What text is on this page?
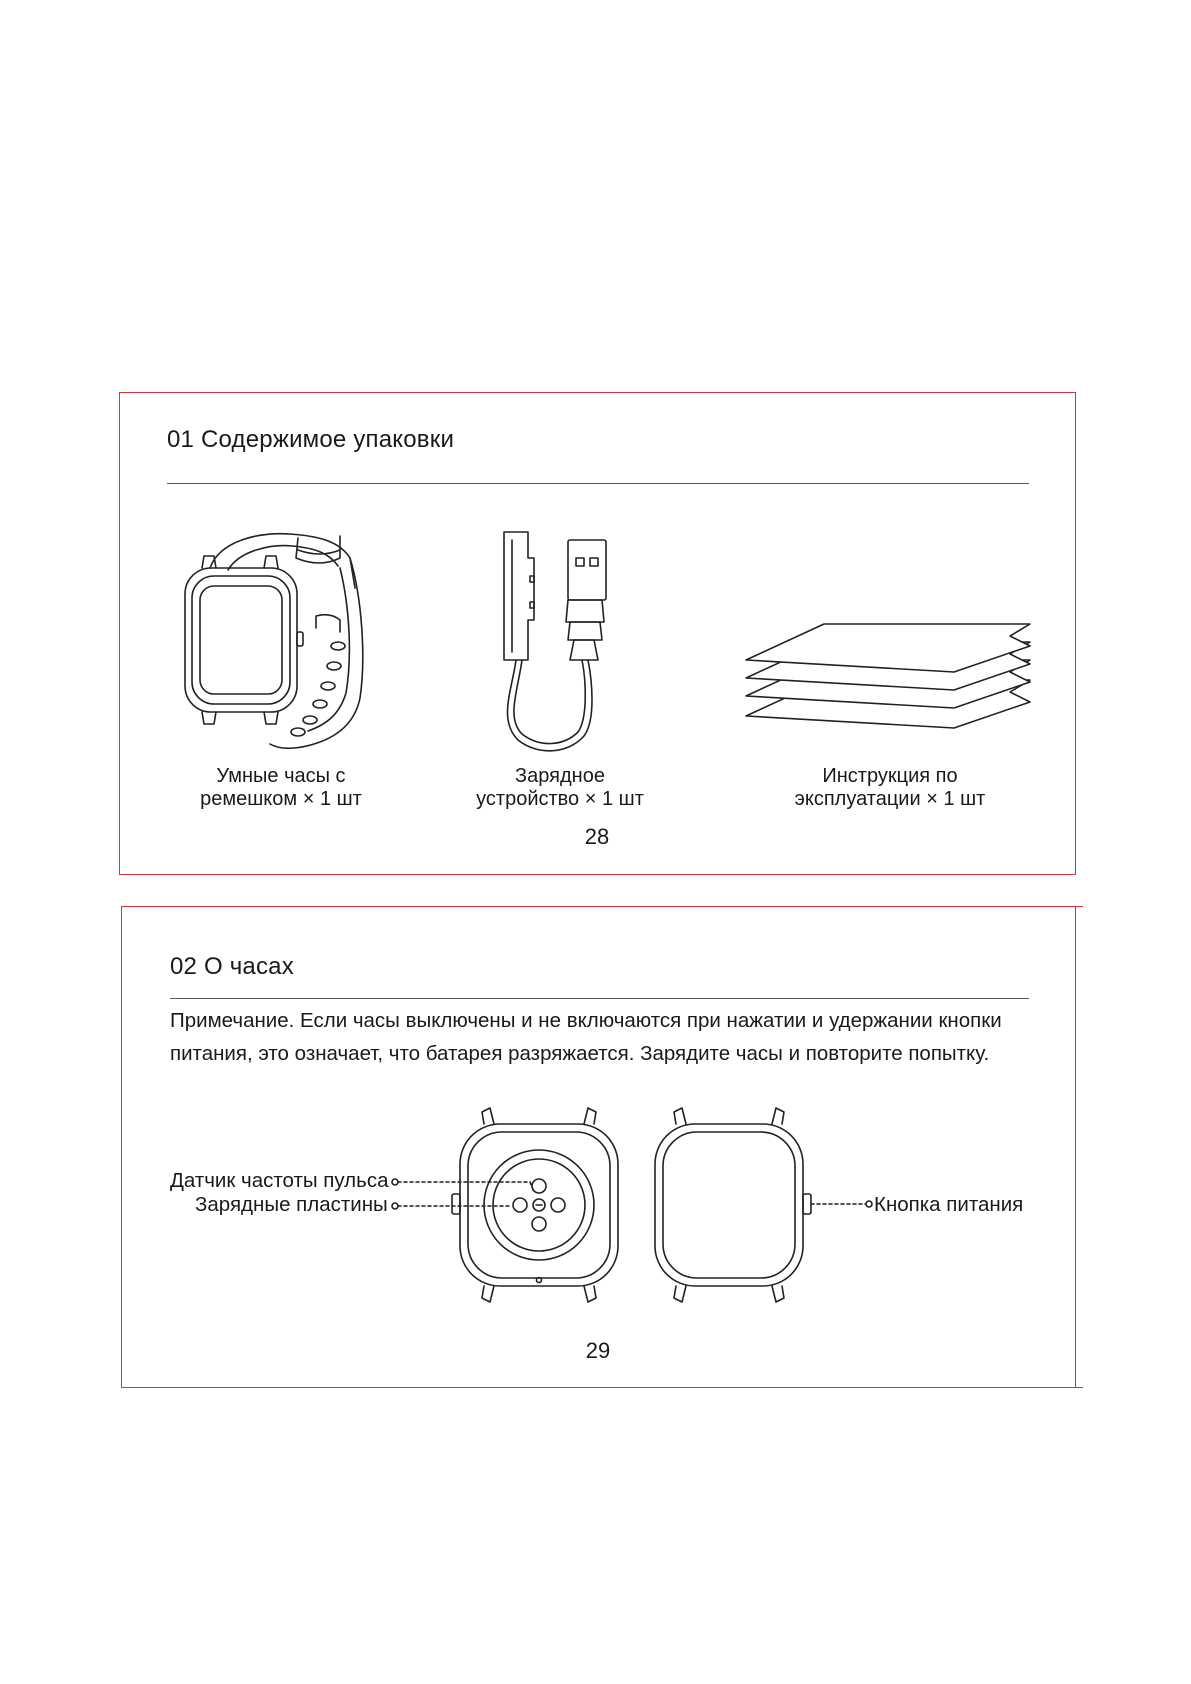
01 Содержимое упаковки
Умные часы с
ремешком × 1 шт
Зарядное
устройство × 1 шт
Инструкция по
эксплуатации × 1 шт
28
02 О часах

Примечание. Если часы выключены и не включаются при нажатии и удержании кнопки
питания, это означает, что батарея разряжается. Зарядите часы и повторите попытку.

Датчик частоты пульса
Зарядные пластины	Кнопка питания
29
